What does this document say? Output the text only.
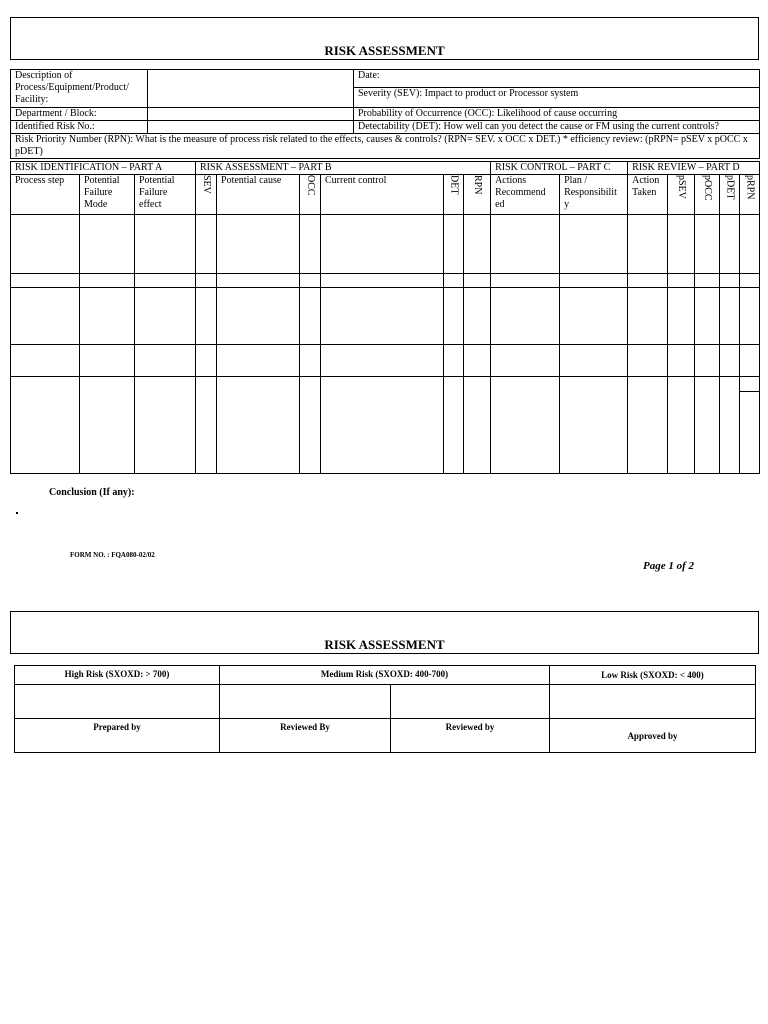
RISK ASSESSMENT
Description of Process/Equipment/Product/ Facility:		Date:
		Severity (SEV): Impact to product or Processor system
Department / Block:		Probability of Occurrence (OCC): Likelihood of cause occurring
Identified Risk No.:		Detectability (DET): How well can you detect the cause or FM using the current controls?
Risk Priority Number (RPN): What is the measure of process risk related to the effects, causes & controls? (RPN= SEV. x OCC x DET.) * efficiency review: (pRPN= pSEV x pOCC x pDET)		
RISK IDENTIFICATION – PART A			RISK ASSESSMENT – PART B						RISK CONTROL – PART C		RISK REVIEW – PART D				
Process step	Potential Failure Mode	Potential Failure effect	SEV	Potential cause	OCC	Current control	DET	RPN	Actions Recommend ed	Plan / Responsibilit y	Action Taken	pSEV	pOCC	pDET	pRPN

Conclusion (If any):
FORM NO. : FQA080-02/02
Page 1 of 2
RISK ASSESSMENT
High Risk (SXOXD: > 700)	Medium Risk (SXOXD: 400-700)		Low Risk (SXOXD: < 400)

Prepared by	Reviewed By	Reviewed by	Approved by
